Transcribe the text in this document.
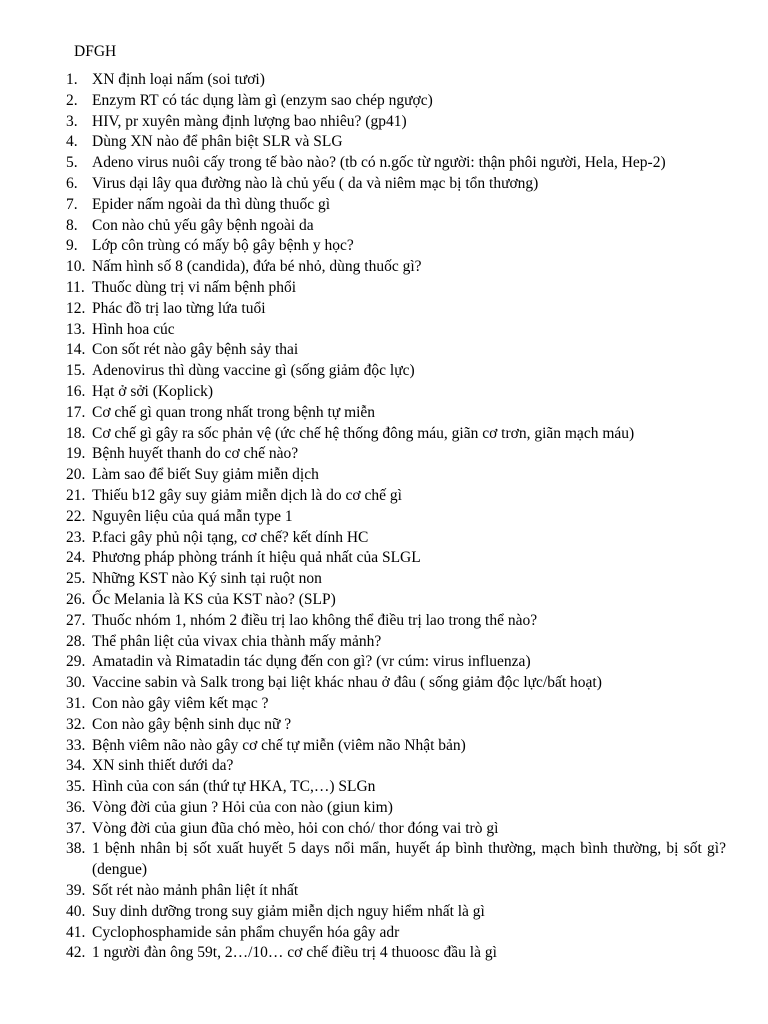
DFGH
1. XN định loại nấm (soi tươi)
2. Enzym RT có tác dụng làm gì (enzym sao chép ngược)
3. HIV, pr xuyên màng định lượng bao nhiêu? (gp41)
4. Dùng XN nào để phân biệt SLR và SLG
5. Adeno virus nuôi cấy trong tế bào nào? (tb có n.gốc từ người: thận phôi người, Hela, Hep-2)
6. Virus dại lây qua đường nào là chủ yếu ( da và niêm mạc bị tổn thương)
7. Epider nấm ngoài da thì dùng thuốc gì
8. Con nào chủ yếu gây bệnh ngoài da
9. Lớp côn trùng có mấy bộ gây bệnh y học?
10. Nấm hình số 8 (candida), đứa bé nhỏ, dùng thuốc gì?
11. Thuốc dùng trị vi nấm bệnh phổi
12. Phác đồ trị lao từng lứa tuổi
13. Hình hoa cúc
14. Con sốt rét nào gây bệnh sảy thai
15. Adenovirus thì dùng vaccine gì (sống giảm độc lực)
16. Hạt ở sởi (Koplick)
17. Cơ chế gì quan trong nhất trong bệnh tự miễn
18. Cơ chế gì gây ra sốc phản vệ (ức chế hệ thống đông máu, giãn cơ trơn, giãn mạch máu)
19. Bệnh huyết thanh do cơ chế nào?
20. Làm sao để biết Suy giảm miễn dịch
21. Thiếu b12 gây suy giảm miễn dịch là do cơ chế gì
22. Nguyên liệu của quá mẫn type 1
23. P.faci gây phủ nội tạng, cơ chế? kết dính HC
24. Phương pháp phòng tránh ít hiệu quả nhất của SLGL
25. Những KST nào Ký sinh tại ruột non
26. Ốc Melania là KS của KST nào? (SLP)
27. Thuốc nhóm 1, nhóm 2 điều trị lao không thể điều trị lao trong thể nào?
28. Thể phân liệt của vivax chia thành mấy mảnh?
29. Amatadin và Rimatadin tác dụng đến con gì? (vr cúm: virus influenza)
30. Vaccine sabin và Salk trong bại liệt khác nhau ở đâu ( sống giảm độc lực/bất hoạt)
31. Con nào gây viêm kết mạc ?
32. Con nào gây bệnh sinh dục nữ ?
33. Bệnh viêm não nào gây cơ chế tự miễn (viêm não Nhật bản)
34. XN sinh thiết dưới da?
35. Hình của con sán (thứ tự HKA, TC,…) SLGn
36. Vòng đời của giun ? Hỏi của con nào (giun kim)
37. Vòng đời của giun đũa chó mèo, hỏi con chó/ thor đóng vai trò gì
38. 1 bệnh nhân bị sốt xuất huyết 5 days nổi mẩn, huyết áp bình thường, mạch bình thường, bị sốt gì? (dengue)
39. Sốt rét nào mảnh phân liệt ít nhất
40. Suy dinh dưỡng trong suy giảm miễn dịch nguy hiểm nhất là gì
41. Cyclophosphamide sản phẩm chuyển hóa gây adr
42. 1 người đàn ông 59t, 2…/10… cơ chế điều trị 4 thuoosc đầu là gì
